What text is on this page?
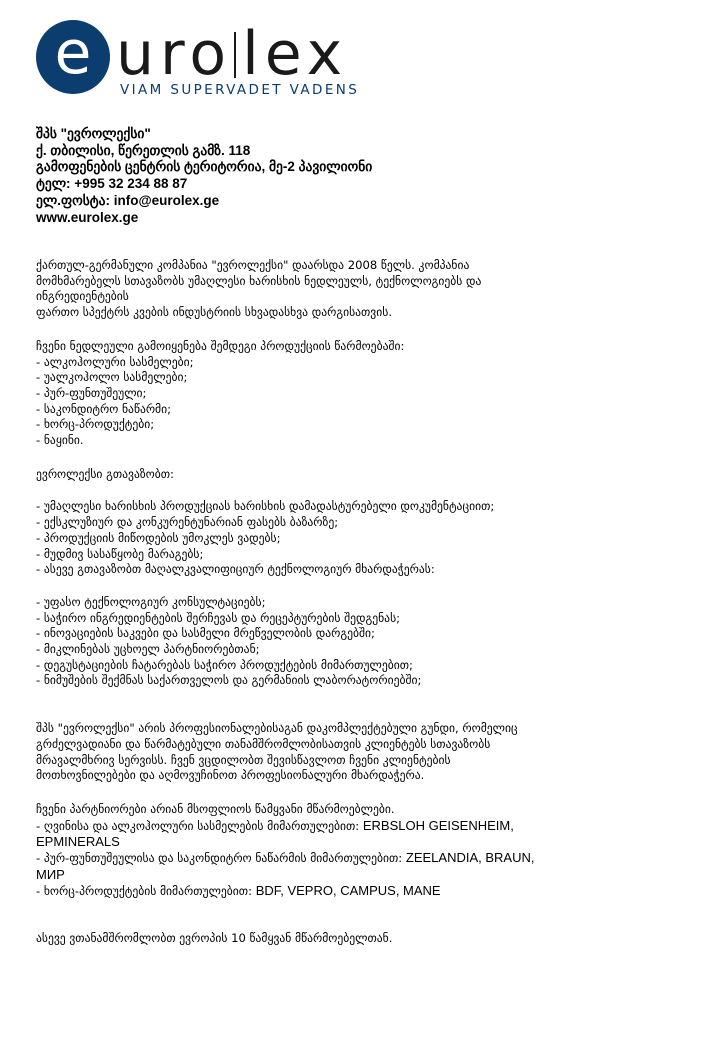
e uro lex
VIAM SUPERVADET VADENS
შპს "ევროლექსი"
ქ. თბილისი, წერეთლის გამზ. 118
გამოფენების ცენტრის ტერიტორია, მე-2 პავილიონი
ტელ: +995 32 234 88 87
ელ.ფოსტა: info@eurolex.ge
www.eurolex.ge

ქართულ-გერმანული კომპანია "ევროლექსი" დაარსდა 2008 წელს. კომპანია

მომხმარებელს სთავაზობს უმაღლესი ხარისხის ნედლეულს, ტექნოლოგიებს და

ინგრედიენტების

ფართო სპექტრს კვების ინდუსტრიის სხვადასხვა დარგისათვის.

ჩვენი ნედლეული გამოიყენება შემდეგი პროდუქციის წარმოებაში:

- ალკოჰოლური სასმელები;

- უალკოჰოლო სასმელები;

- პურ-ფუნთუშეული;

- საკონდიტრო ნაწარმი;

- ხორც-პროდუქტები;

- ნაყინი.

ევროლექსი გთავაზობთ:

- უმაღლესი ხარისხის პროდუქციას ხარისხის დამადასტურებელი დოკუმენტაციით;

- ექსკლუზიურ და კონკურენტუნარიან ფასებს ბაზარზე;

- პროდუქციის მიწოდების უმოკლეს ვადებს;

- მუდმივ სასაწყობე მარაგებს;

- ასევე გთავაზობთ მაღალკვალიფიციურ ტექნოლოგიურ მხარდაჭერას:

- უფასო ტექნოლოგიურ კონსულტაციებს;

- საჭირო ინგრედიენტების შერჩევას და რეცეპტურების შედგენას;

- ინოვაციების საკვები და სასმელი მრეწველობის დარგებში;

- მიკლინებას უცხოელ პარტნიორებთან;

- დეგუსტაციების ჩატარებას საჭირო პროდუქტების მიმართულებით;

- ნიმუშების შექმნას საქართველოს და გერმანიის ლაბორატორიებში;

შპს "ევროლექსი" არის პროფესიონალებისაგან დაკომპლექტებული გუნდი, რომელიც

გრძელვადიანი და წარმატებული თანამშრომლობისათვის კლიენტებს სთავაზობს

მრავალმხრივ სერვისს. ჩვენ ვცდილობთ შევისწავლოთ ჩვენი კლიენტების

მოთხოვნილებები და აღმოვუჩინოთ პროფესიონალური მხარდაჭერა.

ჩვენი პარტნიორები არიან მსოფლიოს წამყვანი მწარმოებლები.

- ღვინისა და ალკოჰოლური სასმელების მიმართულებით: ERBSLOH GEISENHEIM,

EPMINERALS

- პურ-ფუნთუშეულისა და საკონდიტრო ნაწარმის მიმართულებით: ZEELANDIA, BRAUN,

МИР

- ხორც-პროდუქტების მიმართულებით: BDF, VEPRO, CAMPUS, MANE

ასევე ვთანამშრომლობთ ევროპის 10 წამყვან მწარმოებელთან.
